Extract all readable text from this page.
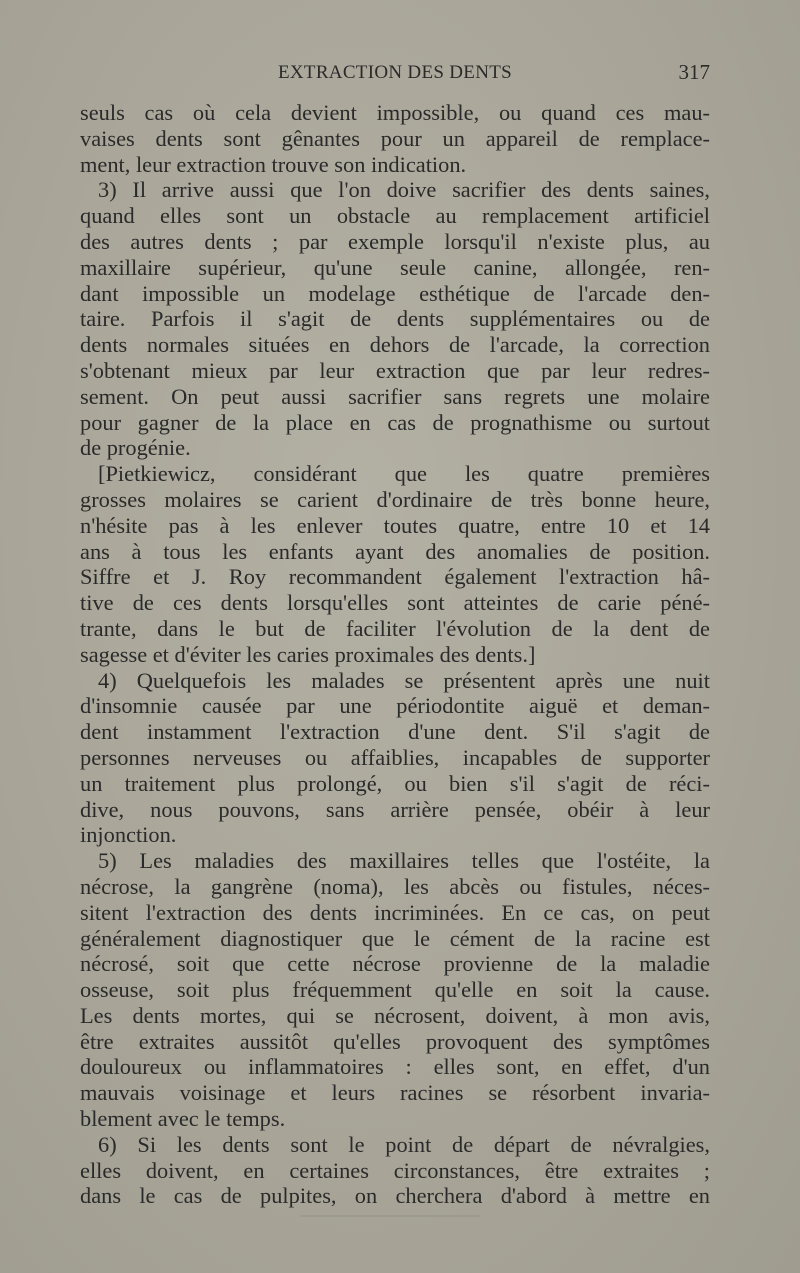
EXTRACTION DES DENTS	317
seuls cas où cela devient impossible, ou quand ces mau-
vaises dents sont gênantes pour un appareil de remplace-
ment, leur extraction trouve son indication.
3) Il arrive aussi que l'on doive sacrifier des dents saines,
quand elles sont un obstacle au remplacement artificiel
des autres dents ; par exemple lorsqu'il n'existe plus, au
maxillaire supérieur, qu'une seule canine, allongée, ren-
dant impossible un modelage esthétique de l'arcade den-
taire. Parfois il s'agit de dents supplémentaires ou de
dents normales situées en dehors de l'arcade, la correction
s'obtenant mieux par leur extraction que par leur redres-
sement. On peut aussi sacrifier sans regrets une molaire
pour gagner de la place en cas de prognathisme ou surtout
de progénie.
[Pietkiewicz, considérant que les quatre premières
grosses molaires se carient d'ordinaire de très bonne heure,
n'hésite pas à les enlever toutes quatre, entre 10 et 14
ans à tous les enfants ayant des anomalies de position.
Siffre et J. Roy recommandent également l'extraction hâ-
tive de ces dents lorsqu'elles sont atteintes de carie péné-
trante, dans le but de faciliter l'évolution de la dent de
sagesse et d'éviter les caries proximales des dents.]
4) Quelquefois les malades se présentent après une nuit
d'insomnie causée par une périodontite aiguë et deman-
dent instamment l'extraction d'une dent. S'il s'agit de
personnes nerveuses ou affaiblies, incapables de supporter
un traitement plus prolongé, ou bien s'il s'agit de réci-
dive, nous pouvons, sans arrière pensée, obéir à leur
injonction.
5) Les maladies des maxillaires telles que l'ostéite, la
nécrose, la gangrène (noma), les abcès ou fistules, néces-
sitent l'extraction des dents incriminées. En ce cas, on peut
généralement diagnostiquer que le cément de la racine est
nécrosé, soit que cette nécrose provienne de la maladie
osseuse, soit plus fréquemment qu'elle en soit la cause.
Les dents mortes, qui se nécrosent, doivent, à mon avis,
être extraites aussitôt qu'elles provoquent des symptômes
douloureux ou inflammatoires : elles sont, en effet, d'un
mauvais voisinage et leurs racines se résorbent invaria-
blement avec le temps.
6) Si les dents sont le point de départ de névralgies,
elles doivent, en certaines circonstances, être extraites ;
dans le cas de pulpites, on cherchera d'abord à mettre en
